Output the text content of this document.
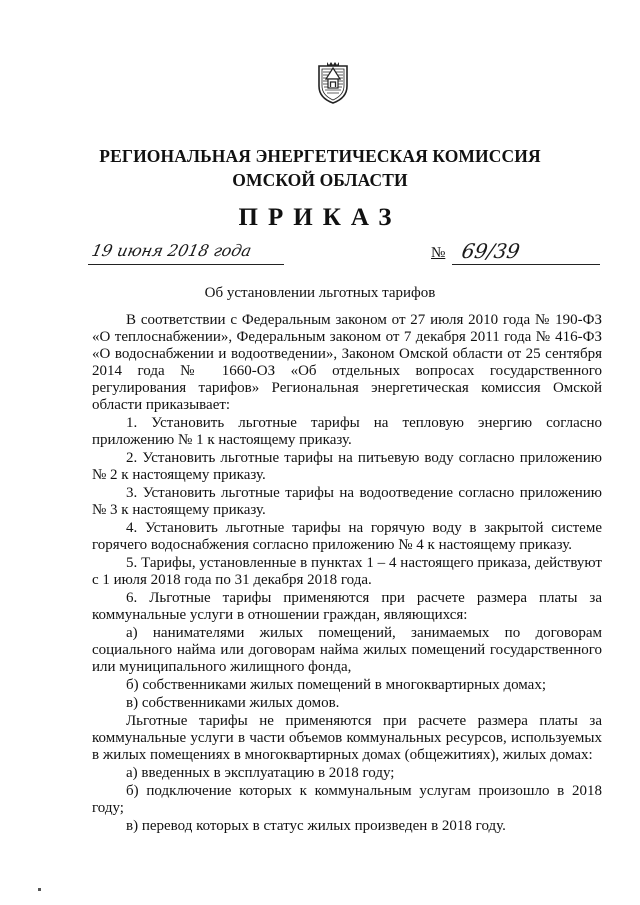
РЕГИОНАЛЬНАЯ ЭНЕРГЕТИЧЕСКАЯ КОМИССИЯ
ОМСКОЙ ОБЛАСТИ
ПРИКАЗ
19 июня 2018 года	№ 69/39
Об установлении льготных тарифов

В соответствии с Федеральным законом от 27 июля 2010 года № 190-ФЗ «О теплоснабжении», Федеральным законом от 7 декабря 2011 года № 416-ФЗ «О водоснабжении и водоотведении», Законом Омской области от 25 сентября 2014 года № 1660-ОЗ «Об отдельных вопросах государственного регулирования тарифов» Региональная энергетическая комиссия Омской области приказывает:

1. Установить льготные тарифы на тепловую энергию согласно приложению № 1 к настоящему приказу.

2. Установить льготные тарифы на питьевую воду согласно приложению № 2 к настоящему приказу.

3. Установить льготные тарифы на водоотведение согласно приложению № 3 к настоящему приказу.

4. Установить льготные тарифы на горячую воду в закрытой системе горячего водоснабжения согласно приложению № 4 к настоящему приказу.

5. Тарифы, установленные в пунктах 1 – 4 настоящего приказа, действуют с 1 июля 2018 года по 31 декабря 2018 года.

6. Льготные тарифы применяются при расчете размера платы за коммунальные услуги в отношении граждан, являющихся:

а) нанимателями жилых помещений, занимаемых по договорам социального найма или договорам найма жилых помещений государственного или муниципального жилищного фонда,

б) собственниками жилых помещений в многоквартирных домах;

в) собственниками жилых домов.

Льготные тарифы не применяются при расчете размера платы за коммунальные услуги в части объемов коммунальных ресурсов, используемых в жилых помещениях в многоквартирных домах (общежитиях), жилых домах:

а) введенных в эксплуатацию в 2018 году;

б) подключение которых к коммунальным услугам произошло в 2018 году;

в) перевод которых в статус жилых произведен в 2018 году.
